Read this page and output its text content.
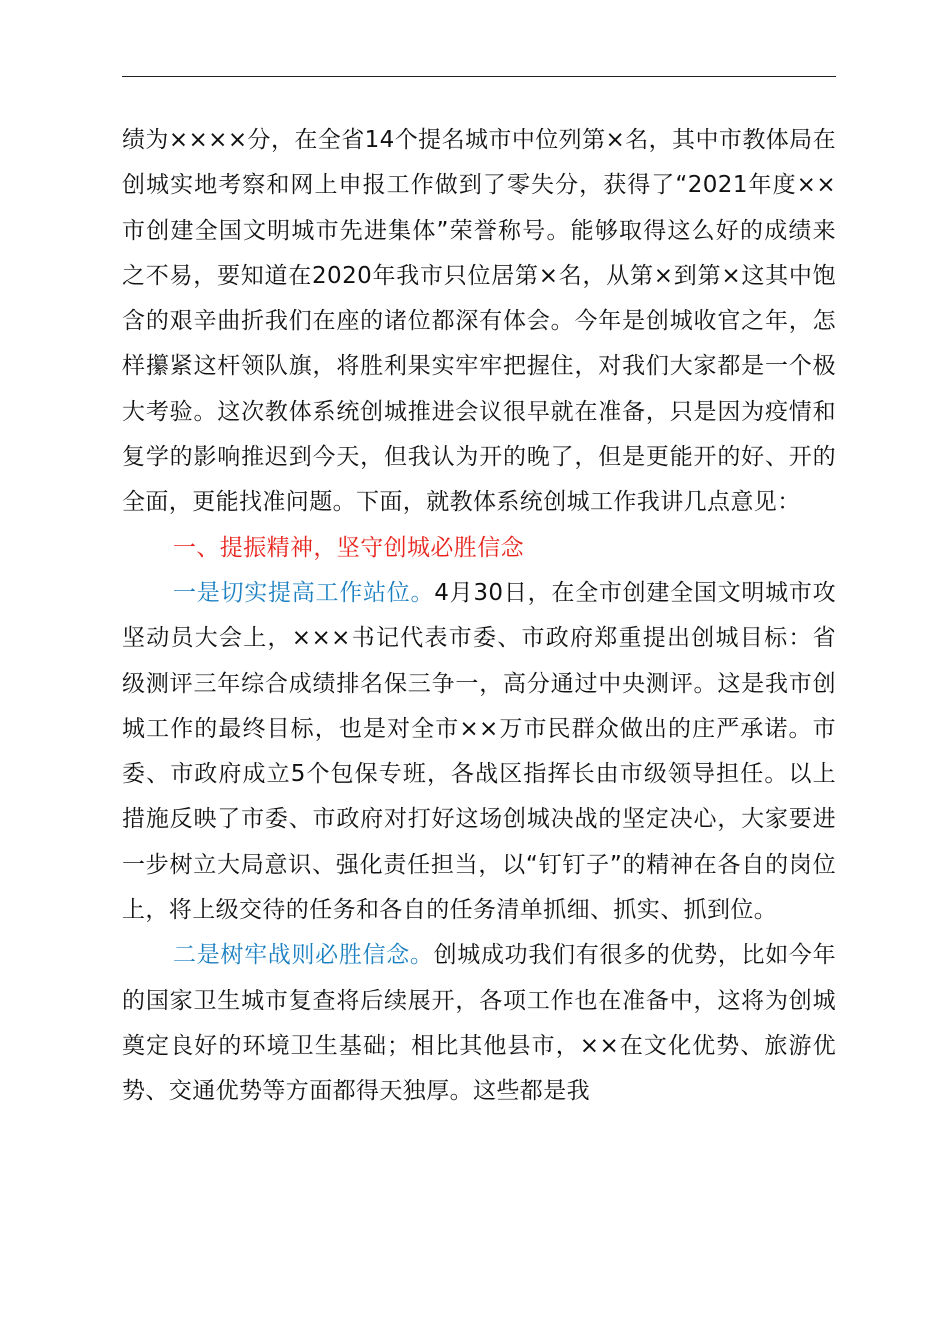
绩为××××分，在全省14个提名城市中位列第×名，其中市教体局在创城实地考察和网上申报工作做到了零失分，获得了“2021年度××市创建全国文明城市先进集体”荣誉称号。能够取得这么好的成绩来之不易，要知道在2020年我市只位居第×名，从第×到第×这其中饱含的艰辛曲折我们在座的诸位都深有体会。今年是创城收官之年，怎样攥紧这杆领队旗，将胜利果实牢牢把握住，对我们大家都是一个极大考验。这次教体系统创城推进会议很早就在准备，只是因为疫情和复学的影响推迟到今天，但我认为开的晚了，但是更能开的好、开的全面，更能找准问题。下面，就教体系统创城工作我讲几点意见：

一、提振精神，坚守创城必胜信念

一是切实提高工作站位。4月30日，在全市创建全国文明城市攻坚动员大会上，×××书记代表市委、市政府郑重提出创城目标：省级测评三年综合成绩排名保三争一，高分通过中央测评。这是我市创城工作的最终目标，也是对全市××万市民群众做出的庄严承诺。市委、市政府成立5个包保专班，各战区指挥长由市级领导担任。以上措施反映了市委、市政府对打好这场创城决战的坚定决心，大家要进一步树立大局意识、强化责任担当，以“钉钉子”的精神在各自的岗位上，将上级交待的任务和各自的任务清单抓细、抓实、抓到位。

二是树牢战则必胜信念。创城成功我们有很多的优势，比如今年的国家卫生城市复查将后续展开，各项工作也在准备中，这将为创城奠定良好的环境卫生基础；相比其他县市，××在文化优势、旅游优势、交通优势等方面都得天独厚。这些都是我
